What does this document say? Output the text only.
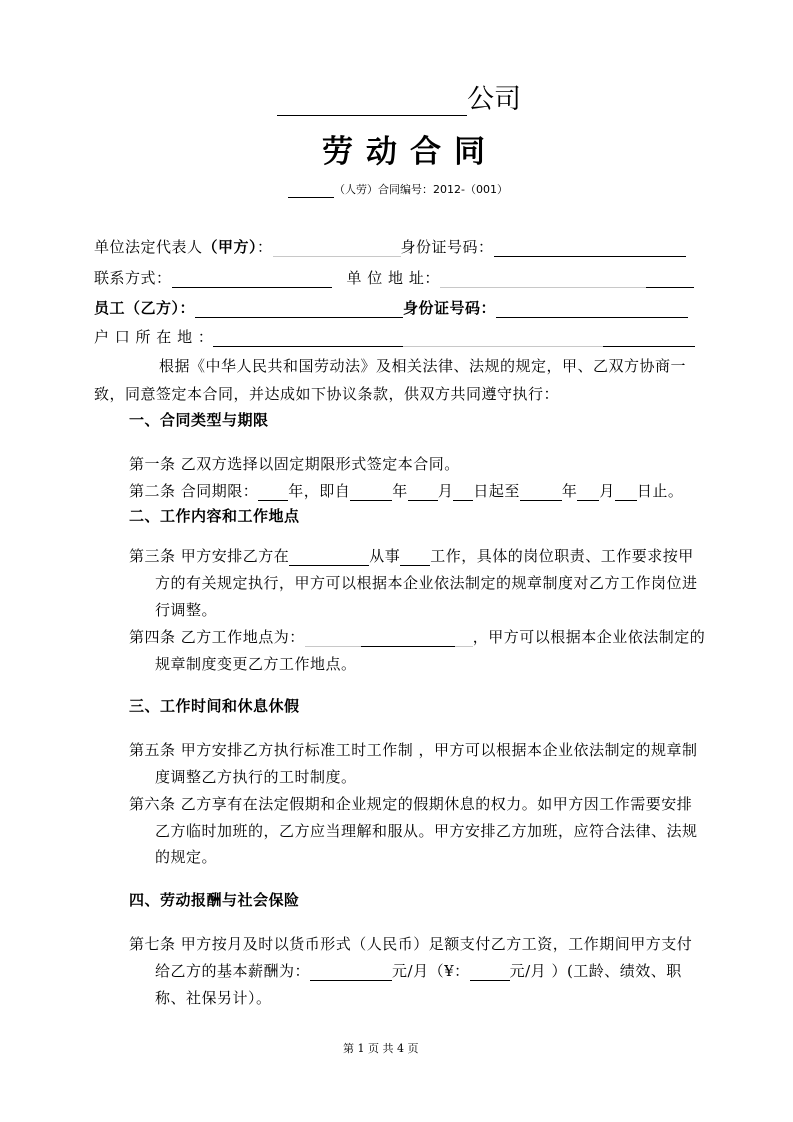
公司
劳动合同
（人劳）合同编号：2012-（001）
单位法定代表人（甲方）：	身份证号码：
联系方式：	单 位 地 址：
员工（乙方）：	身份证号码：
户 口 所 在 地 ：
根据《中华人民共和国劳动法》及相关法律、法规的规定，甲、乙双方协商一
致，同意签定本合同，并达成如下协议条款，供双方共同遵守执行：
一、合同类型与期限
第一条 乙双方选择以固定期限形式签定本合同。
第二条 合同期限： 年，即自	年 月 日起至	年 月 日止。
二、工作内容和工作地点
第三条 甲方安排乙方在	从事 工作，具体的岗位职责、工作要求按甲
方的有关规定执行，甲方可以根据本企业依法制定的规章制度对乙方工作岗位进
行调整。
第四条 乙方工作地点为：	，甲方可以根据本企业依法制定的
规章制度变更乙方工作地点。
三、工作时间和休息休假
第五条 甲方安排乙方执行标准工时工作制 ，甲方可以根据本企业依法制定的规章制
度调整乙方执行的工时制度。
第六条 乙方享有在法定假期和企业规定的假期休息的权力。如甲方因工作需要安排
乙方临时加班的，乙方应当理解和服从。甲方安排乙方加班，应符合法律、法规
的规定。
四、劳动报酬与社会保险
第七条 甲方按月及时以货币形式（人民币）足额支付乙方工资，工作期间甲方支付
给乙方的基本薪酬为：	元/月（¥：	元/月 ）(工龄、绩效、职
称、社保另计）。
第 1 页 共 4 页
